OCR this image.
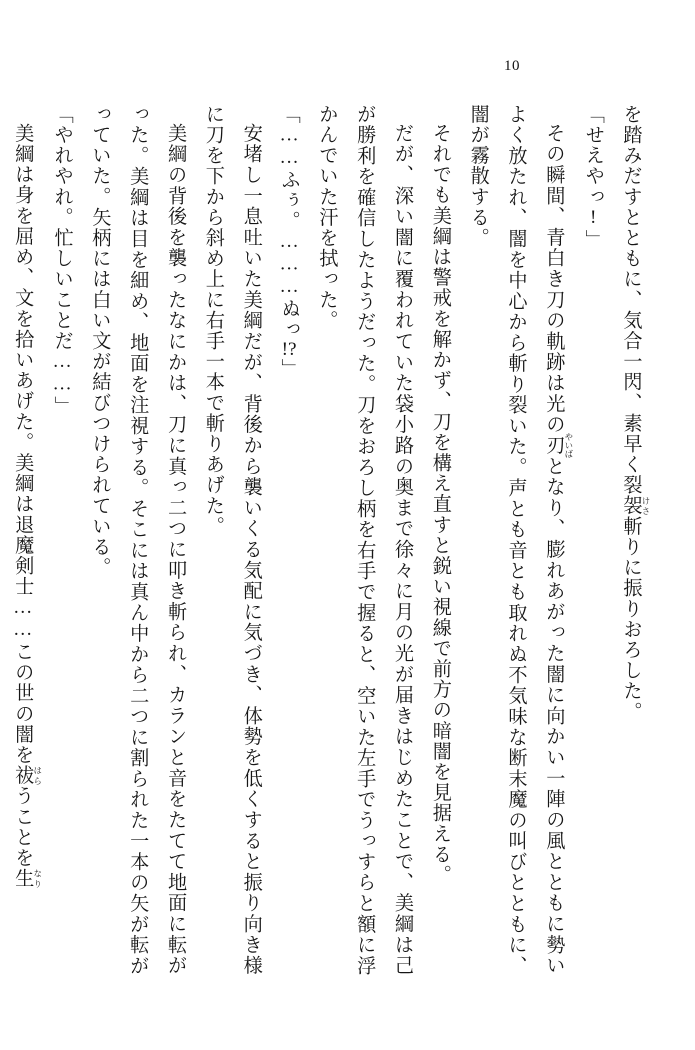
10

を踏みだすとともに、気合一閃、素早く裂袈 けさ斬りに振りおろした。

「せえやっ!」

その瞬間、青白き刀の軌跡は光の刃 やいばとなり、膨れあがった闇に向かい一陣の風とともに勢いよく放たれ、闇を中心から斬り裂いた。声とも音とも取れぬ不気味な断末魔の叫びとともに、闇が霧散する。

それでも美綱は警戒を解かず、刀を構え直すと鋭い視線で前方の暗闇を見据える。

だが、深い闇に覆われていた袋小路の奥まで徐々に月の光が届きはじめたことで、美綱は己が勝利を確信したようだった。刀をおろし柄を右手で握ると、空いた左手でうっすらと額に浮かんでいた汗を拭った。

「……ふぅ。………ぬっ!?」

安堵し一息吐いた美綱だが、背後から襲いくる気配に気づき、体勢を低くすると振り向き様に刀を下から斜め上に右手一本で斬りあげた。

美綱の背後を襲ったなにかは、刀に真っ二つに叩き斬られ、カランと音をたてて地面に転がった。美綱は目を細め、地面を注視する。そこには真ん中から二つに割られた一本の矢が転がっていた。矢柄には白い文が結びつけられている。

「やれやれ。忙しいことだ……」

美綱は身を屈め、文を拾いあげた。美綱は退魔剣士……この世の闇を祓 はらうことを生 なり
